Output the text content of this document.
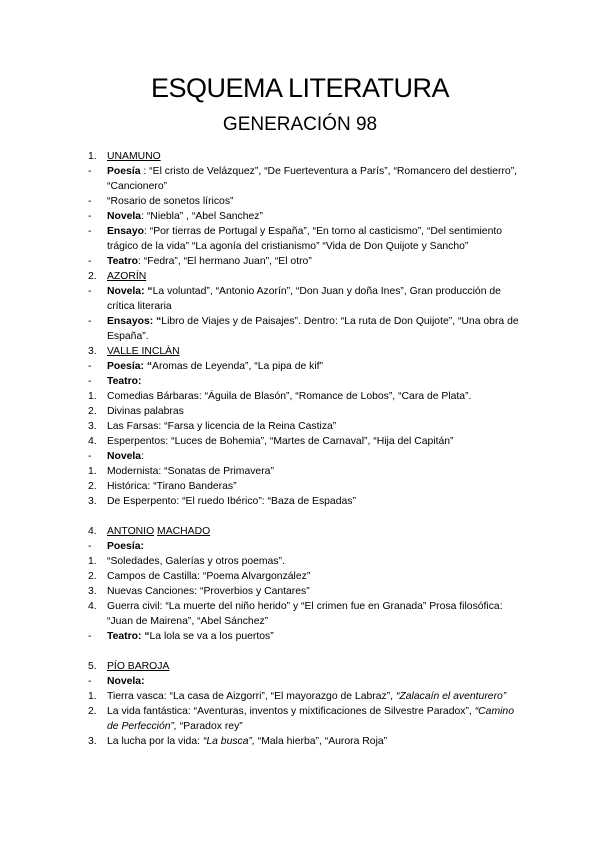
ESQUEMA LITERATURA
GENERACIÓN 98
1. UNAMUNO
- Poesía : “El cristo de Velázquez”, “De Fuerteventura a París”, “Romancero del destierro”, “Cancionero”
- “Rosario de sonetos líricos”
- Novela: “Niebla” , “Abel Sanchez”
- Ensayo: “Por tierras de Portugal y España”, “En torno al casticismo”, “Del sentimiento trágico de la vida” “La agonía del cristianismo” “Vida de Don Quijote y Sancho”
- Teatro: “Fedra”, “El hermano Juan”, “El otro”
2. AZORÍN
- Novela: “La voluntad”, “Antonio Azorín”, “Don Juan y doña Ines”, Gran producción de crítica literaria
- Ensayos: “Libro de Viajes y de Paisajes”. Dentro: “La ruta de Don Quijote”, “Una obra de España”.
3. VALLE INCLÀN
- Poesía: “Aromas de Leyenda”, “La pipa de kif”
- Teatro:
1. Comedias Bárbaras: “Águila de Blasón”, “Romance de Lobos”, “Cara de Plata”.
2. Divinas palabras
3. Las Farsas: “Farsa y licencia de la Reina Castiza”
4. Esperpentos: “Luces de Bohemia”, “Martes de Carnaval”, “Hija del Capitán”
- Novela:
1. Modernista: “Sonatas de Primavera”
2. Histórica: “Tirano Banderas”
3. De Esperpento: “El ruedo Ibérico”: “Baza de Espadas”
4. ANTONIO MACHADO
- Poesía:
1. “Soledades, Galerías y otros poemas”.
2. Campos de Castilla: “Poema Alvargonzález”
3. Nuevas Canciones: “Proverbios y Cantares”
4. Guerra civil: “La muerte del niño herido” y “El crimen fue en Granada” Prosa filosófica: “Juan de Mairena”, “Abel Sánchez”
- Teatro: “La lola se va a los puertos”
5. PÍO BAROJA
- Novela:
1. Tierra vasca: “La casa de Aizgorri”, “El mayorazgo de Labraz”, “Zalacaín el aventurero”
2. La vida fantástica: “Aventuras, inventos y mixtificaciones de Silvestre Paradox”, “Camino de Perfección”, “Paradox rey”
3. La lucha por la vida: “La busca”, “Mala hierba”, “Aurora Roja”
